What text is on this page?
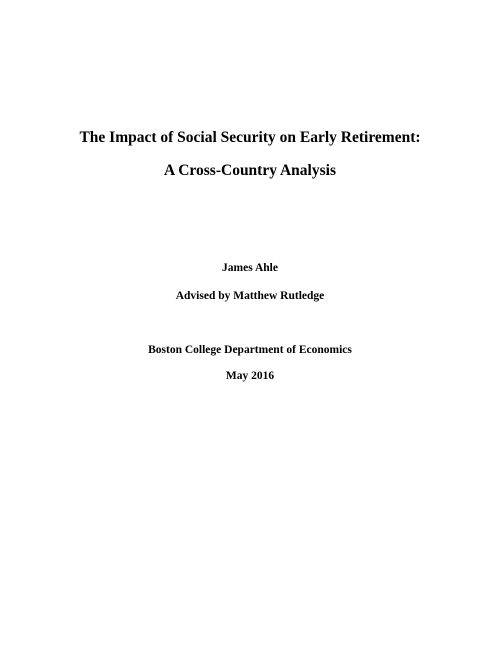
The Impact of Social Security on Early Retirement:
A Cross-Country Analysis
James Ahle
Advised by Matthew Rutledge
Boston College Department of Economics
May 2016
